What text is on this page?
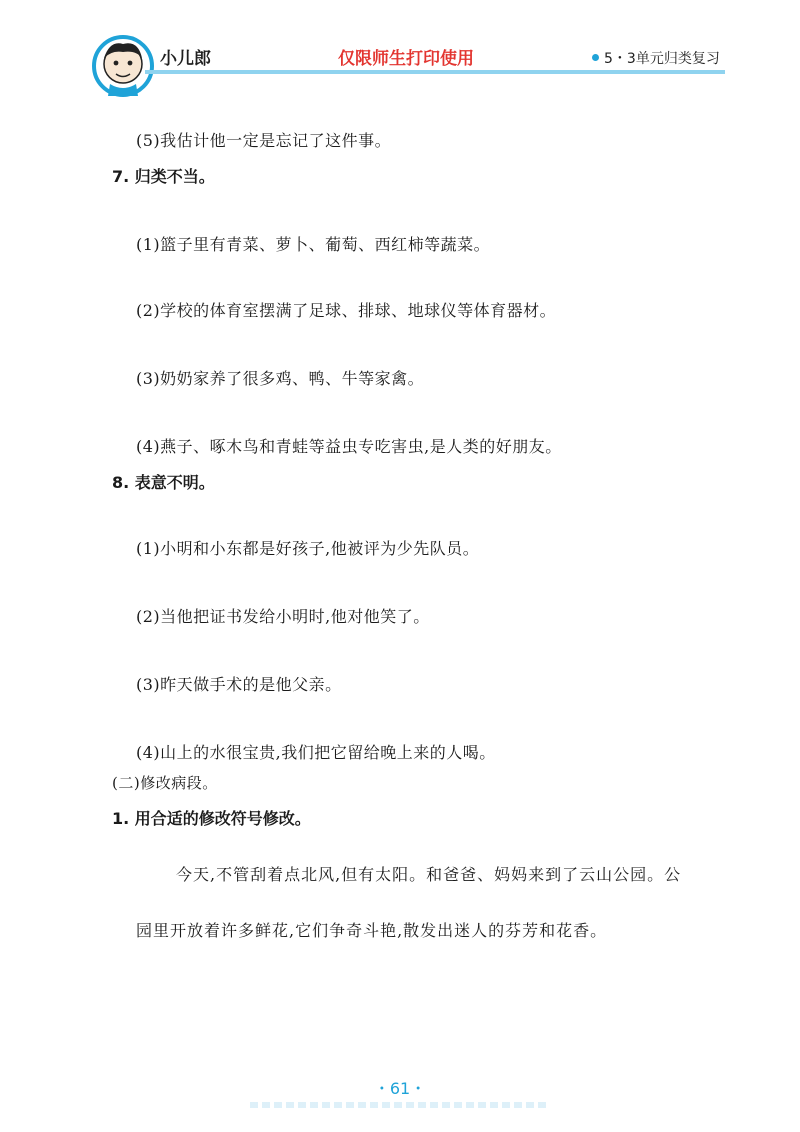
小儿郎	仅限师生打印使用	5・3单元归类复习
(5)我估计他一定是忘记了这件事。
7. 归类不当。
(1)篮子里有青菜、萝卜、葡萄、西红柿等蔬菜。
(2)学校的体育室摆满了足球、排球、地球仪等体育器材。
(3)奶奶家养了很多鸡、鸭、牛等家禽。
(4)燕子、啄木鸟和青蛙等益虫专吃害虫,是人类的好朋友。
8. 表意不明。
(1)小明和小东都是好孩子,他被评为少先队员。
(2)当他把证书发给小明时,他对他笑了。
(3)昨天做手术的是他父亲。
(4)山上的水很宝贵,我们把它留给晚上来的人喝。
(二)修改病段。
1. 用合适的修改符号修改。
今天,不管刮着点北风,但有太阳。和爸爸、妈妈来到了云山公园。公
园里开放着许多鲜花,它们争奇斗艳,散发出迷人的芬芳和花香。
・61・
